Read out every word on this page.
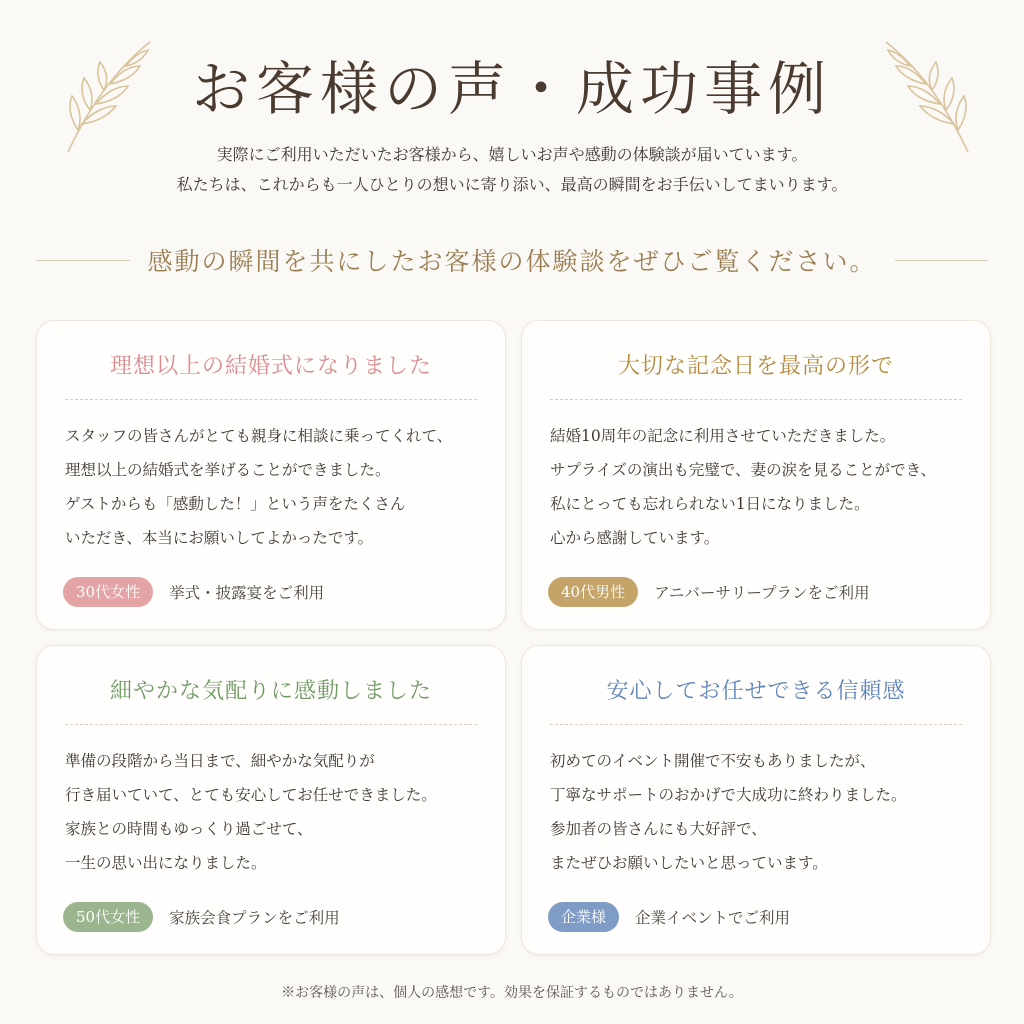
お客様の声・成功事例
実際にご利用いただいたお客様から、嬉しいお声や感動の体験談が届いています。
私たちは、これからも一人ひとりの想いに寄り添い、最高の瞬間をお手伝いしてまいります。
感動の瞬間を共にしたお客様の体験談をぜひご覧ください。
理想以上の結婚式になりました
スタッフの皆さんがとても親身に相談に乗ってくれて、
理想以上の結婚式を挙げることができました。
ゲストからも「感動した！」という声をたくさん
いただき、本当にお願いしてよかったです。
30代女性	挙式・披露宴をご利用
大切な記念日を最高の形で
結婚10周年の記念に利用させていただきました。
サプライズの演出も完璧で、妻の涙を見ることができ、
私にとっても忘れられない1日になりました。
心から感謝しています。
40代男性	アニバーサリープランをご利用
細やかな気配りに感動しました
準備の段階から当日まで、細やかな気配りが
行き届いていて、とても安心してお任せできました。
家族との時間もゆっくり過ごせて、
一生の思い出になりました。
50代女性	家族会食プランをご利用
安心してお任せできる信頼感
初めてのイベント開催で不安もありましたが、
丁寧なサポートのおかげで大成功に終わりました。
参加者の皆さんにも大好評で、
またぜひお願いしたいと思っています。
企業様	企業イベントでご利用
※お客様の声は、個人の感想です。効果を保証するものではありません。
